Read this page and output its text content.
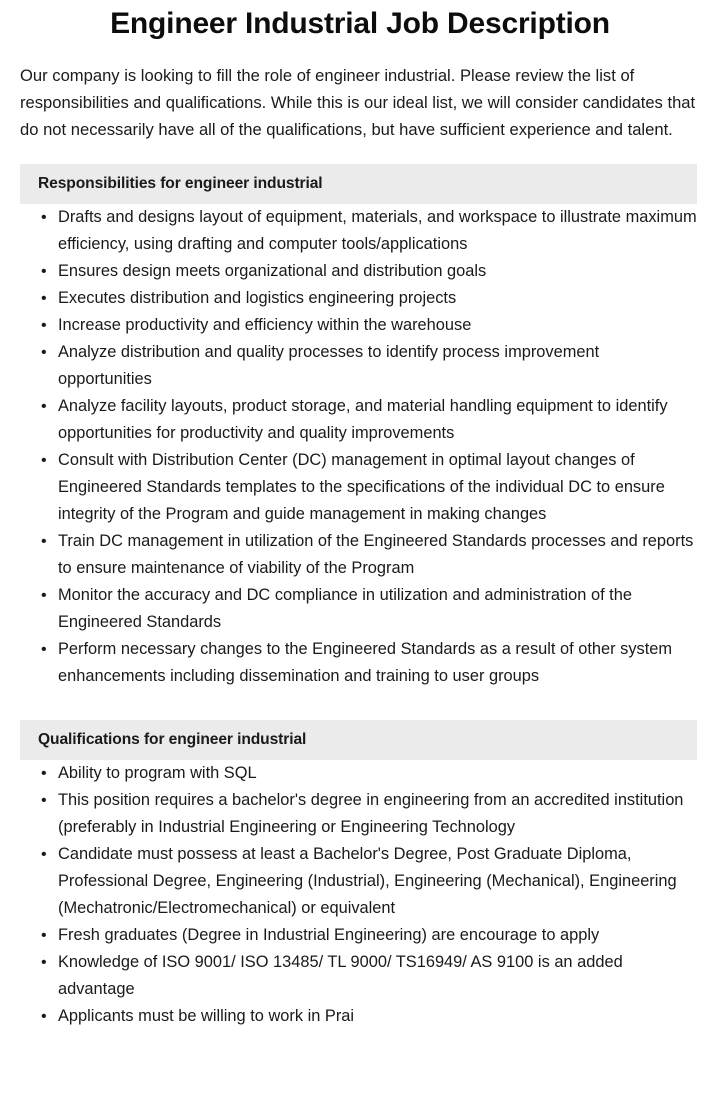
Engineer Industrial Job Description

Our company is looking to fill the role of engineer industrial. Please review the list of responsibilities and qualifications. While this is our ideal list, we will consider candidates that do not necessarily have all of the qualifications, but have sufficient experience and talent.

Responsibilities for engineer industrial
• Drafts and designs layout of equipment, materials, and workspace to illustrate maximum efficiency, using drafting and computer tools/applications
• Ensures design meets organizational and distribution goals
• Executes distribution and logistics engineering projects
• Increase productivity and efficiency within the warehouse
• Analyze distribution and quality processes to identify process improvement opportunities
• Analyze facility layouts, product storage, and material handling equipment to identify opportunities for productivity and quality improvements
• Consult with Distribution Center (DC) management in optimal layout changes of Engineered Standards templates to the specifications of the individual DC to ensure integrity of the Program and guide management in making changes
• Train DC management in utilization of the Engineered Standards processes and reports to ensure maintenance of viability of the Program
• Monitor the accuracy and DC compliance in utilization and administration of the Engineered Standards
• Perform necessary changes to the Engineered Standards as a result of other system enhancements including dissemination and training to user groups
Qualifications for engineer industrial
• Ability to program with SQL
• This position requires a bachelor's degree in engineering from an accredited institution (preferably in Industrial Engineering or Engineering Technology
• Candidate must possess at least a Bachelor's Degree, Post Graduate Diploma, Professional Degree, Engineering (Industrial), Engineering (Mechanical), Engineering (Mechatronic/Electromechanical) or equivalent
• Fresh graduates (Degree in Industrial Engineering) are encourage to apply
• Knowledge of ISO 9001/ ISO 13485/ TL 9000/ TS16949/ AS 9100 is an added advantage
• Applicants must be willing to work in Prai
